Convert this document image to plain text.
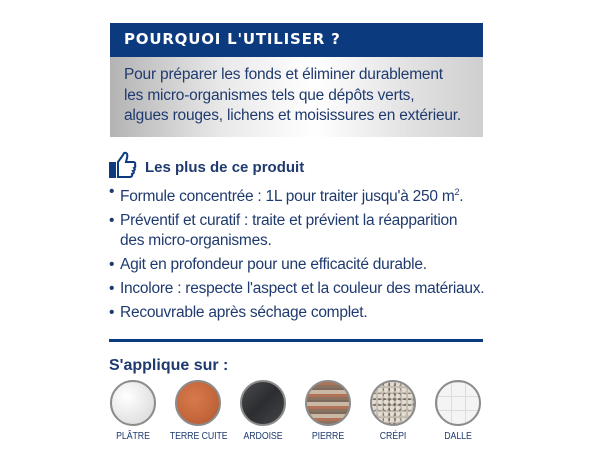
POURQUOI L'UTILISER ?

Pour préparer les fonds et éliminer durablement
les micro-organismes tels que dépôts verts,
algues rouges, lichens et moisissures en extérieur.

Les plus de ce produit
• Formule concentrée : 1L pour traiter jusqu'à 250 $m^2$.
• Préventif et curatif : traite et prévient la réapparition
des micro-organismes.
• Agit en profondeur pour une efficacité durable.
• Incolore : respecte l'aspect et la couleur des matériaux.
• Recouvrable après séchage complet.
S'applique sur :
PLÂTRE	TERRE CUITE	ARDOISE	PIERRE	CRÉPI	DALLE
